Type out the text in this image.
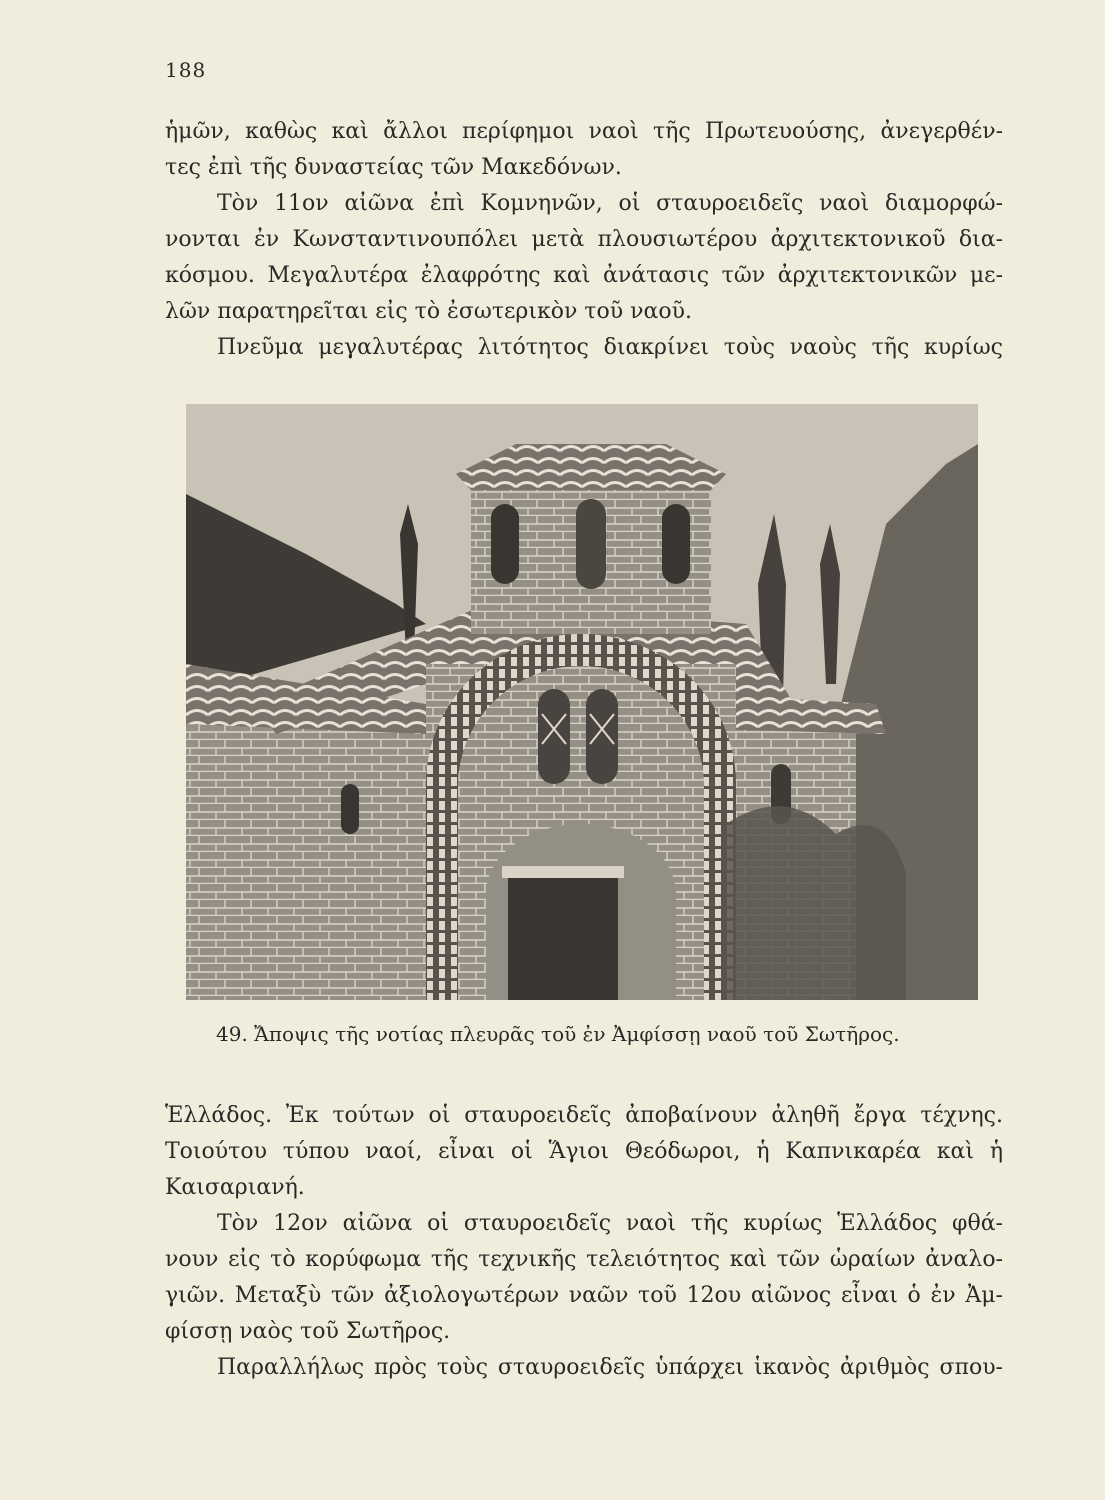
188

ἡμῶν, καθὼς καὶ ἄλλοι περίφημοι ναοὶ τῆς Πρωτευούσης, ἀνεγερθέν-
τες ἐπὶ τῆς δυναστείας τῶν Μακεδόνων.

Τὸν 11ον αἰῶνα ἐπὶ Κομνηνῶν, οἱ σταυροειδεῖς ναοὶ διαμορφώ-
νονται ἐν Κωνσταντινουπόλει μετὰ πλουσιωτέρου ἀρχιτεκτονικοῦ δια-
κόσμου. Μεγαλυτέρα ἐλαφρότης καὶ ἀνάτασις τῶν ἀρχιτεκτονικῶν με-
λῶν παρατηρεῖται εἰς τὸ ἐσωτερικὸν τοῦ ναοῦ.

Πνεῦμα μεγαλυτέρας λιτότητος διακρίνει τοὺς ναοὺς τῆς κυρίως

49. Ἄποψις τῆς νοτίας πλευρᾶς τοῦ ἐν Ἀμφίσσῃ ναοῦ τοῦ Σωτῆρος.

Ἑλλάδος. Ἐκ τούτων οἱ σταυροειδεῖς ἀποβαίνουν ἀληθῆ ἔργα τέχνης.
Τοιούτου τύπου ναοί, εἶναι οἱ Ἅγιοι Θεόδωροι, ἡ Καπνικαρέα καὶ ἡ
Καισαριανή.

Τὸν 12ον αἰῶνα οἱ σταυροειδεῖς ναοὶ τῆς κυρίως Ἑλλάδος φθά-
νουν εἰς τὸ κορύφωμα τῆς τεχνικῆς τελειότητος καὶ τῶν ὡραίων ἀναλο-
γιῶν. Μεταξὺ τῶν ἀξιολογωτέρων ναῶν τοῦ 12ου αἰῶνος εἶναι ὁ ἐν Ἀμ-
φίσσῃ ναὸς τοῦ Σωτῆρος.

Παραλλήλως πρὸς τοὺς σταυροειδεῖς ὑπάρχει ἱκανὸς ἀριθμὸς σπου-
